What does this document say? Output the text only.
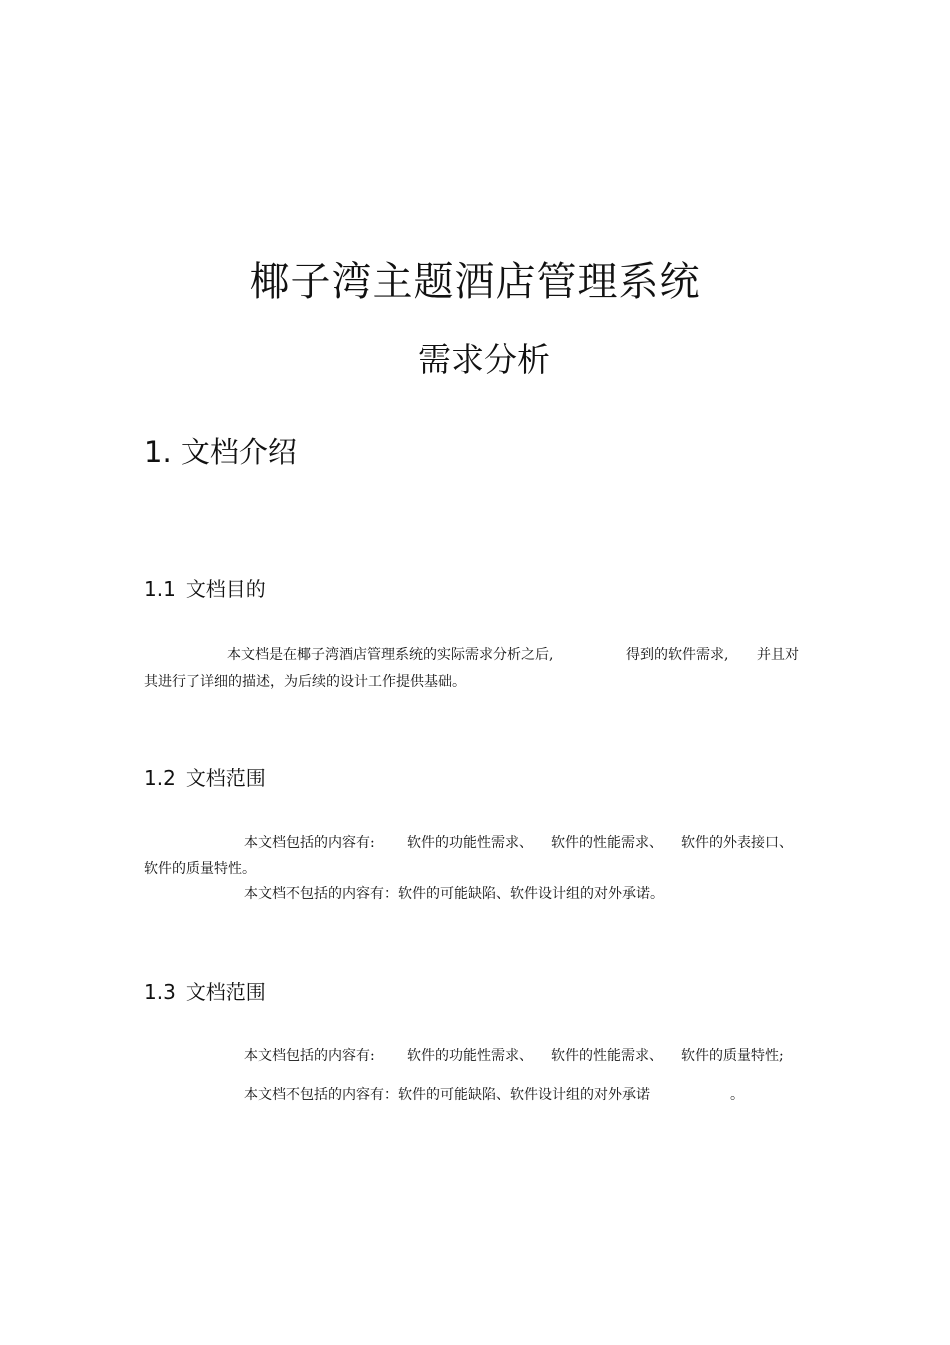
椰子湾主题酒店管理系统
需求分析
1. 文档介绍
1.1 文档目的
本文档是在椰子湾酒店管理系统的实际需求分析之后,	得到的软件需求, 并且对
其进行了详细的描述，为后续的设计工作提供基础。
1.2 文档范围
本文档包括的内容有: 软件的功能性需求、 软件的性能需求、 软件的外表接口、
软件的质量特性。
本文档不包括的内容有：软件的可能缺陷、软件设计组的对外承诺。
1.3 文档范围
本文档包括的内容有: 软件的功能性需求、 软件的性能需求、 软件的质量特性;
本文档不包括的内容有：软件的可能缺陷、软件设计组的对外承诺	。
